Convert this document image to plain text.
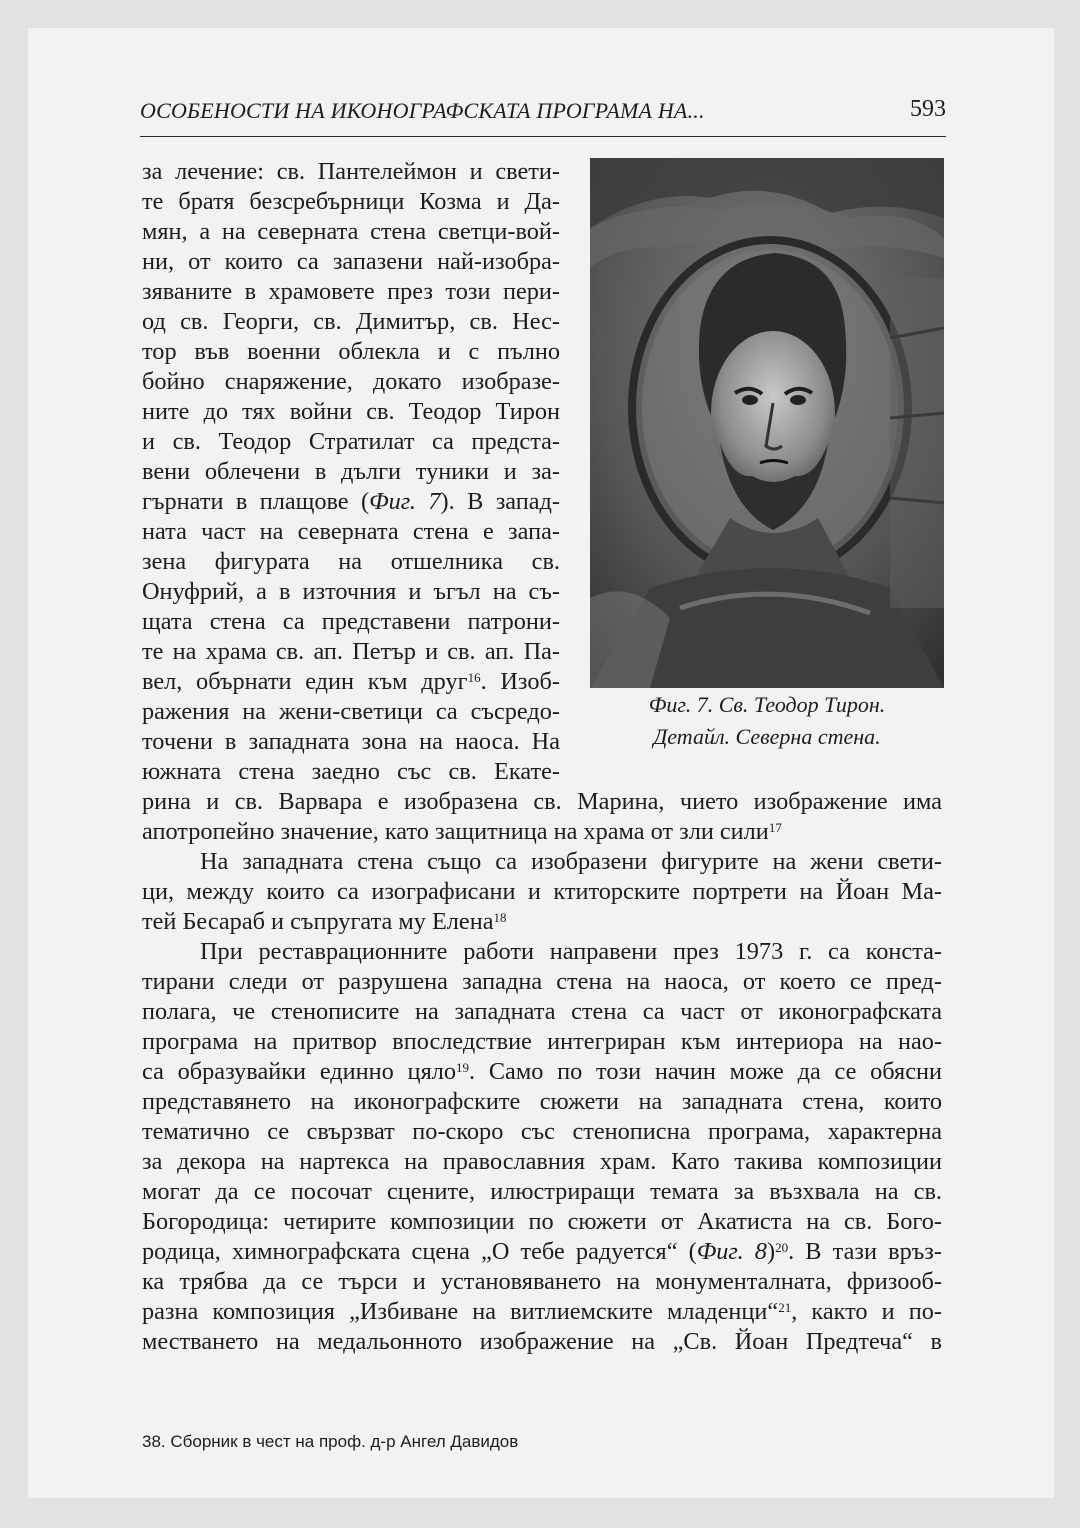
ОСОБЕНОСТИ НА ИКОНОГРАФСКАТА ПРОГРАМА НА...	593
Фиг. 7. Св. Теодор Тирон.
Детайл. Северна стена.
за лечение: св. Пантелеймон и свети-
те братя безсребърници Козма и Да-
мян, а на северната стена светци-вой-
ни, от които са запазени най-изобра-
зяваните в храмовете през този пери-
од св. Георги, св. Димитър, св. Нес-
тор във военни облекла и с пълно
бойно снаряжение, докато изобразе-
ните до тях войни св. Теодор Тирон
и св. Теодор Стратилат са предста-
вени облечени в дълги туники и за-
гърнати в плащове (Фиг. 7). В запад-
ната част на северната стена е запа-
зена фигурата на отшелника св.
Онуфрий, а в източния и ъгъл на съ-
щата стена са представени патрони-
те на храма св. ап. Петър и св. ап. Па-
вел, обърнати един към друг$^{16}$. Изоб-
ражения на жени-светици са съсредо-
точени в западната зона на наоса. На
южната стена заедно със св. Екате-
рина и св. Варвара е изобразена св. Марина, чието изображение има
апотропейно значение, като защитница на храма от зли сили$^{17}$
На западната стена също са изобразени фигурите на жени свети-
ци, между които са изографисани и ктиторските портрети на Йоан Ма-
тей Бесараб и съпругата му Елена$^{18}$
При реставрационните работи направени през 1973 г. са конста-
тирани следи от разрушена западна стена на наоса, от което се пред-
полага, че стенописите на западната стена са част от иконографската
програма на притвор впоследствие интегриран към интериора на нао-
са образувайки единно цяло$^{19}$. Само по този начин може да се обясни
представянето на иконографските сюжети на западната стена, които
тематично се свързват по-скоро със стенописна програма, характерна
за декора на нартекса на православния храм. Като такива композиции
могат да се посочат сцените, илюстриращи темата за възхвала на св.
Богородица: четирите композиции по сюжети от Акатиста на св. Бого-
родица, химнографската сцена „О тебе радуется“ (Фиг. 8)$^{20}$. В тази връз-
ка трябва да се търси и установяването на монументалната, фризооб-
разна композиция „Избиване на витлиемските младенци“$^{21}$, както и по-
местването на медальонното изображение на „Св. Йоан Предтеча“ в
38. Сборник в чест на проф. д-р Ангел Давидов
